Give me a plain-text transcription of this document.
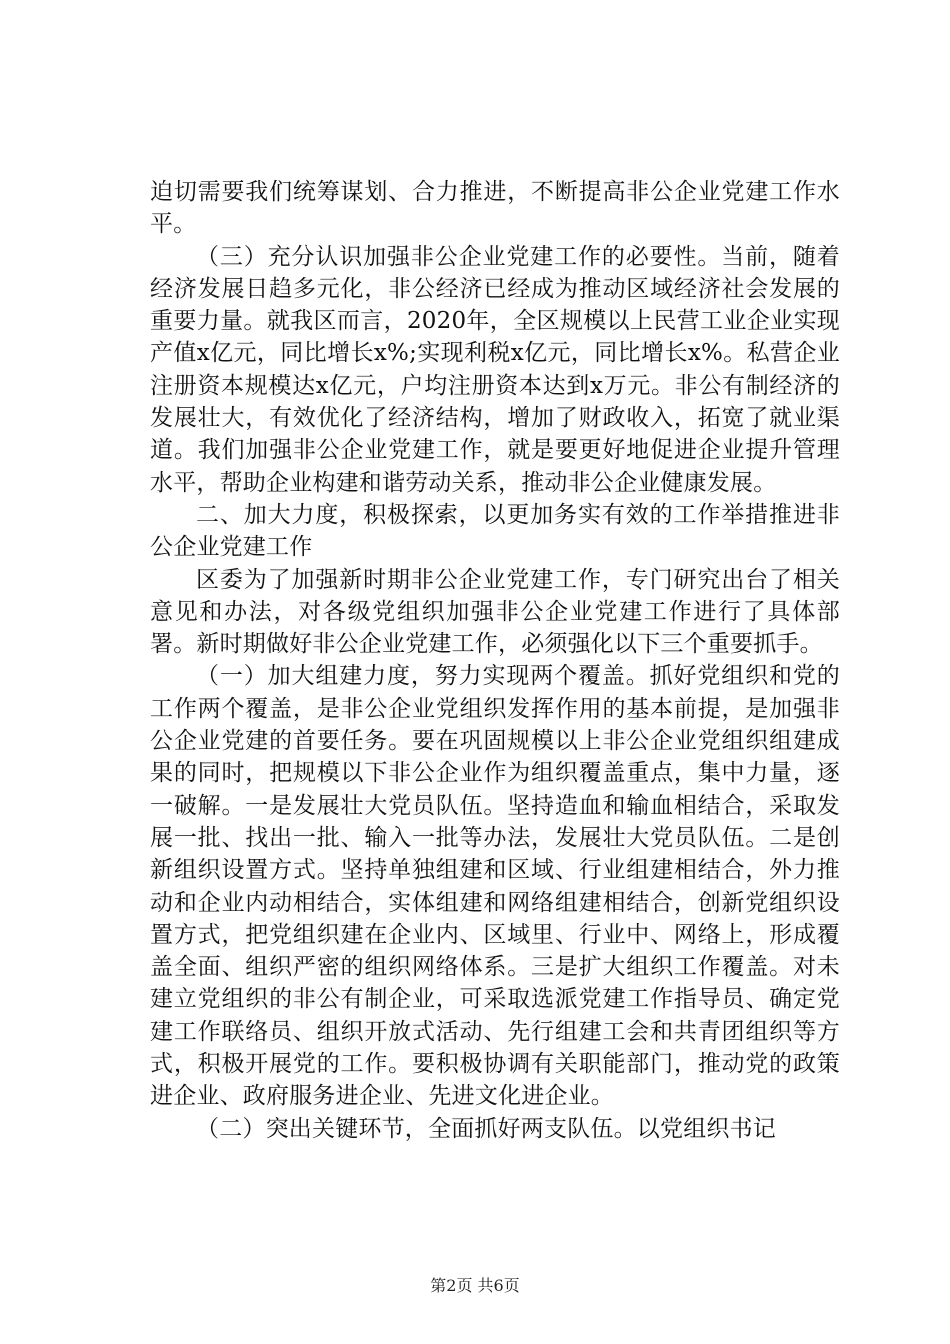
迫切需要我们统筹谋划、合力推进，不断提高非公企业党建工作水平。

（三）充分认识加强非公企业党建工作的必要性。当前，随着经济发展日趋多元化，非公经济已经成为推动区域经济社会发展的重要力量。就我区而言，2020年，全区规模以上民营工业企业实现产值x亿元，同比增长x%;实现利税x亿元，同比增长x%。私营企业注册资本规模达x亿元，户均注册资本达到x万元。非公有制经济的发展壮大，有效优化了经济结构，增加了财政收入，拓宽了就业渠道。我们加强非公企业党建工作，就是要更好地促进企业提升管理水平，帮助企业构建和谐劳动关系，推动非公企业健康发展。

二、加大力度，积极探索，以更加务实有效的工作举措推进非公企业党建工作

区委为了加强新时期非公企业党建工作，专门研究出台了相关意见和办法，对各级党组织加强非公企业党建工作进行了具体部署。新时期做好非公企业党建工作，必须强化以下三个重要抓手。

（一）加大组建力度，努力实现两个覆盖。抓好党组织和党的工作两个覆盖，是非公企业党组织发挥作用的基本前提，是加强非公企业党建的首要任务。要在巩固规模以上非公企业党组织组建成果的同时，把规模以下非公企业作为组织覆盖重点，集中力量，逐一破解。一是发展壮大党员队伍。坚持造血和输血相结合，采取发展一批、找出一批、输入一批等办法，发展壮大党员队伍。二是创新组织设置方式。坚持单独组建和区域、行业组建相结合，外力推动和企业内动相结合，实体组建和网络组建相结合，创新党组织设置方式，把党组织建在企业内、区域里、行业中、网络上，形成覆盖全面、组织严密的组织网络体系。三是扩大组织工作覆盖。对未建立党组织的非公有制企业，可采取选派党建工作指导员、确定党建工作联络员、组织开放式活动、先行组建工会和共青团组织等方式，积极开展党的工作。要积极协调有关职能部门，推动党的政策进企业、政府服务进企业、先进文化进企业。

（二）突出关键环节，全面抓好两支队伍。以党组织书记

第2页 共6页
